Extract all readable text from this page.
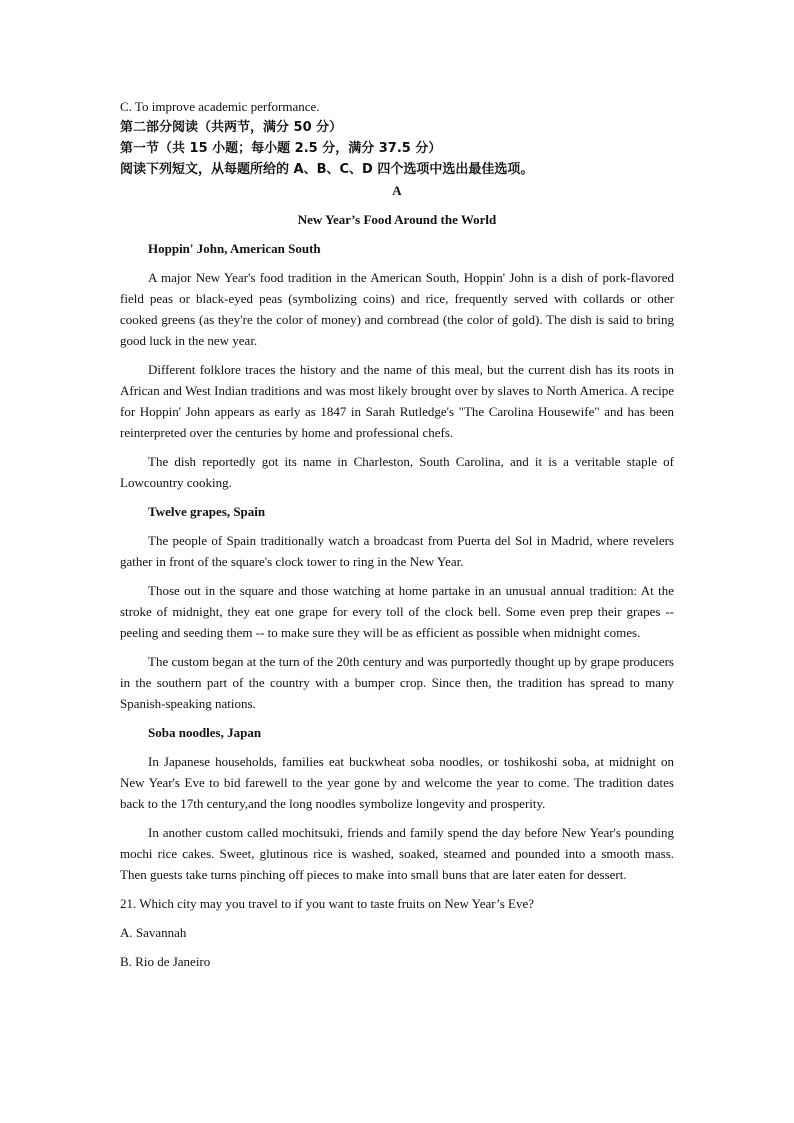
C. To improve academic performance.

第二部分阅读（共两节，满分 50 分）

第一节（共 15 小题；每小题 2.5 分，满分 37.5 分）

阅读下列短文，从每题所给的 A、B、C、D 四个选项中选出最佳选项。

A

New Year’s Food Around the World

Hoppin' John, American South

A major New Year's food tradition in the American South, Hoppin' John is a dish of pork-flavored field peas or black-eyed peas (symbolizing coins) and rice, frequently served with collards or other cooked greens (as they're the color of money) and cornbread (the color of gold). The dish is said to bring good luck in the new year.

Different folklore traces the history and the name of this meal, but the current dish has its roots in African and West Indian traditions and was most likely brought over by slaves to North America. A recipe for Hoppin' John appears as early as 1847 in Sarah Rutledge's "The Carolina Housewife" and has been reinterpreted over the centuries by home and professional chefs.

The dish reportedly got its name in Charleston, South Carolina, and it is a veritable staple of Lowcountry cooking.

Twelve grapes, Spain

The people of Spain traditionally watch a broadcast from Puerta del Sol in Madrid, where revelers gather in front of the square's clock tower to ring in the New Year.

Those out in the square and those watching at home partake in an unusual annual tradition: At the stroke of midnight, they eat one grape for every toll of the clock bell. Some even prep their grapes -- peeling and seeding them -- to make sure they will be as efficient as possible when midnight comes.

The custom began at the turn of the 20th century and was purportedly thought up by grape producers in the southern part of the country with a bumper crop. Since then, the tradition has spread to many Spanish-speaking nations.

Soba noodles, Japan

In Japanese households, families eat buckwheat soba noodles, or toshikoshi soba, at midnight on New Year's Eve to bid farewell to the year gone by and welcome the year to come. The tradition dates back to the 17th century,and the long noodles symbolize longevity and prosperity.

In another custom called mochitsuki, friends and family spend the day before New Year's pounding mochi rice cakes. Sweet, glutinous rice is washed, soaked, steamed and pounded into a smooth mass. Then guests take turns pinching off pieces to make into small buns that are later eaten for dessert.

21. Which city may you travel to if you want to taste fruits on New Year’s Eve?

A. Savannah

B. Rio de Janeiro
